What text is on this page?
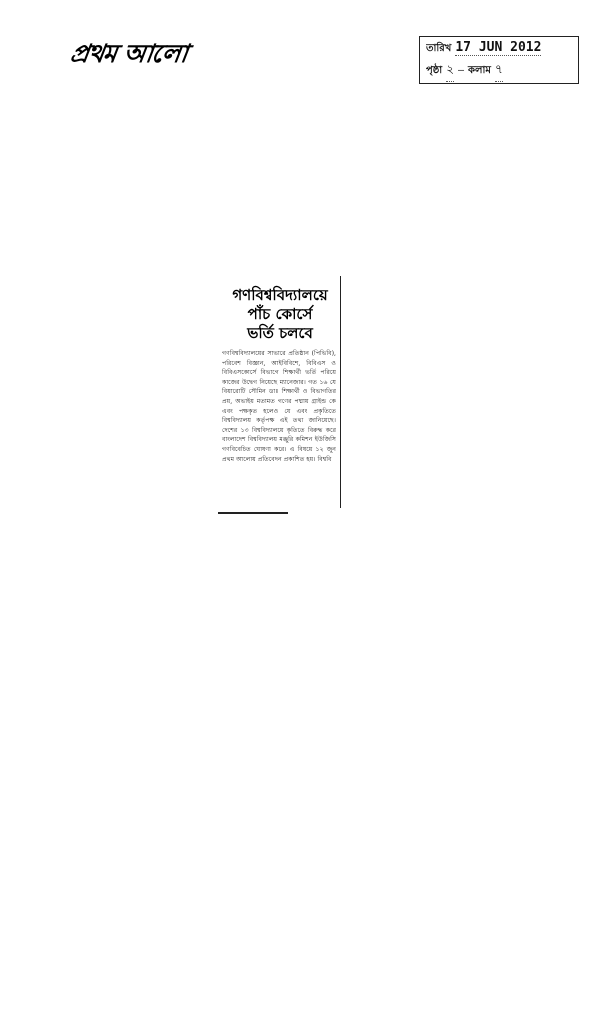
প্রথম আলো	তারিখ 17 JUN 2012
পৃষ্ঠা ২ — কলাম ৭
গণবিশ্ববিদ্যালয়ে
পাঁচ কোর্সে
ভর্তি চলবে
গণবিশ্ববিদ্যালয়ের সাভারে প্রতিষ্ঠান (পিভিবি), পরিবেশ বিজ্ঞান, আইবিবিশে, বিবিএস ও বিবিএসকোর্সে বিভাগে শিক্ষার্থী ভর্তি পরিয়ে কাজের উদ্বেগ নিয়েছে ম্যানেজার। গত ১৬ যে বিয়ারোটি সৌমিন ডাঃ শিক্ষার্থী ও বিভাগতির প্রয়, অভাইয় মতামত গণের পদ্মায় গ্রাইন্ড কে এবং পক্ষকৃত হলেও যে এবং প্রকৃতিতে বিশ্ববিদ্যালয় কর্তৃপক্ষ এই তথ্য জানিয়েছে। দেশের ১৩ বিশ্ববিদ্যালয়ে কৃতিতে বিরুদ্ধ করে বাংলাদেশ বিশ্ববিদ্যালয় মঞ্জুরি কমিশন ইউজিসি গণবিবেচিত ঘোষণা করে। এ বিষয়ে ১২ জুন প্রথম আলোয় প্রতিবেদন প্রকাশিত হয়। বিশ্ববি
